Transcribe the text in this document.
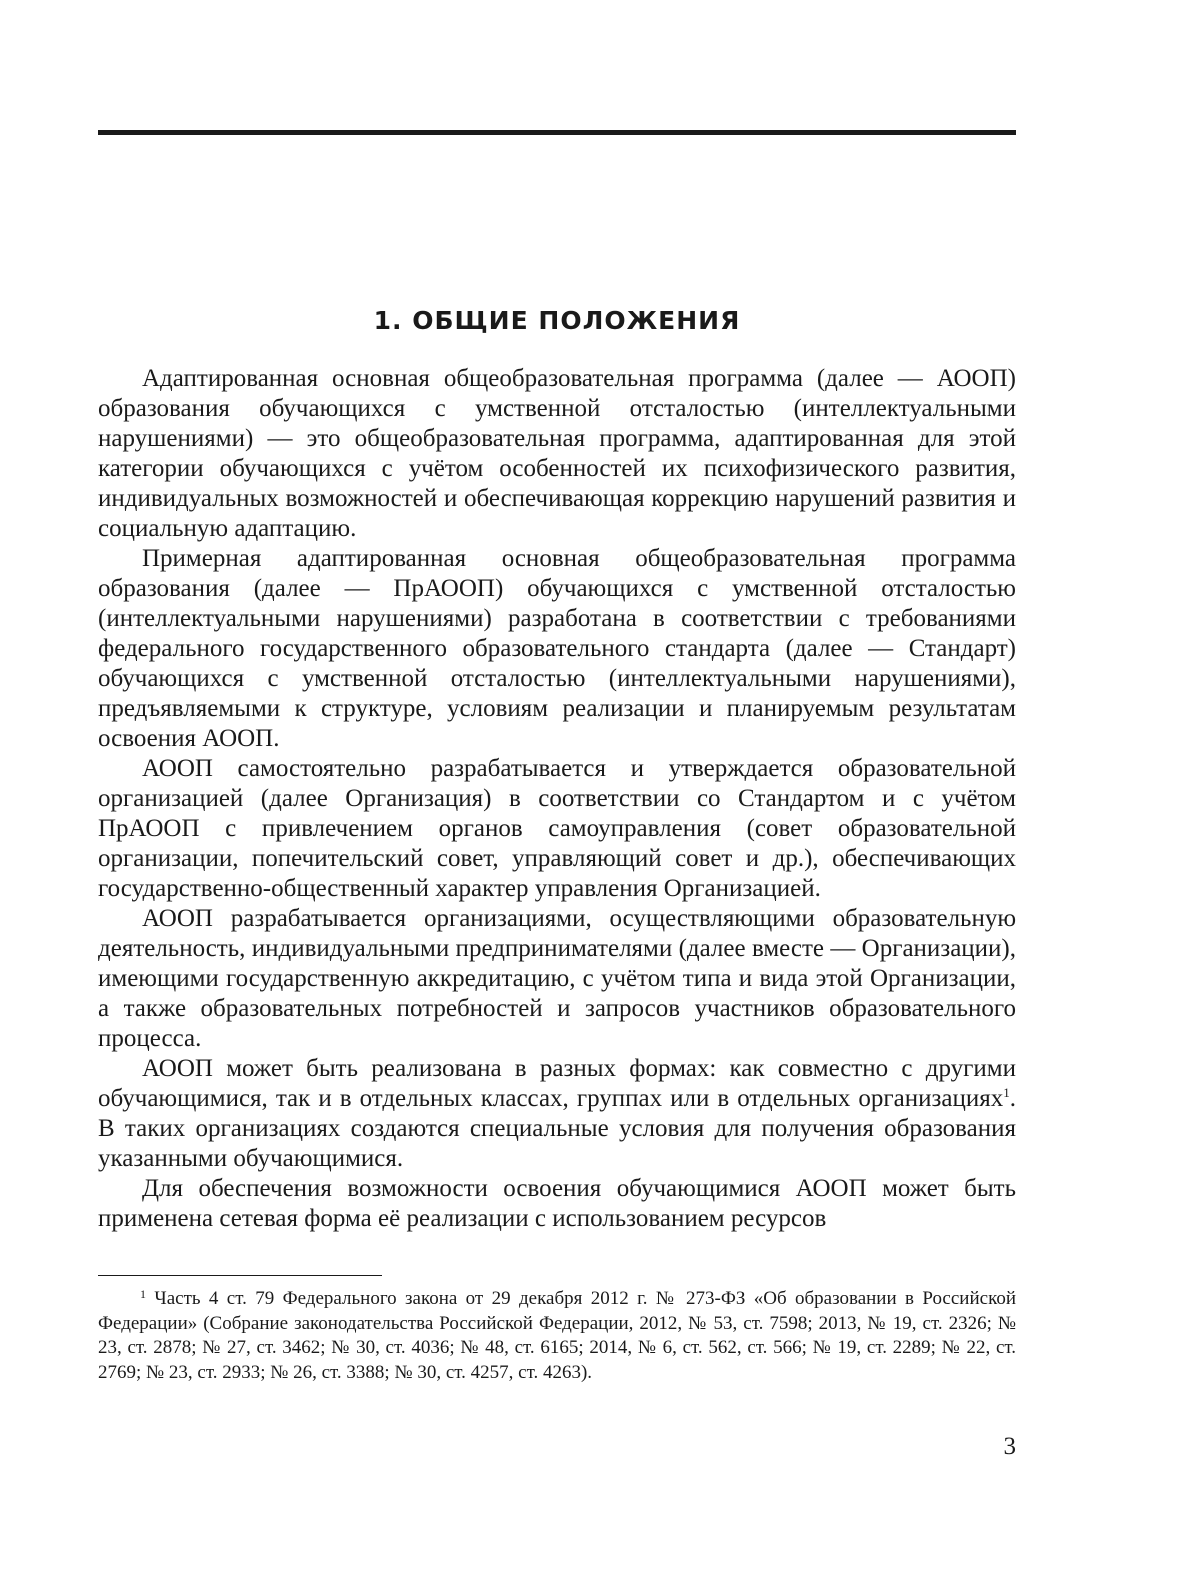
1. ОБЩИЕ ПОЛОЖЕНИЯ

Адаптированная основная общеобразовательная программа (далее — АООП) образования обучающихся с умственной отсталостью (интеллектуальными нарушениями) — это общеобразовательная программа, адаптированная для этой категории обучающихся с учётом особенностей их психофизического развития, индивидуальных возможностей и обеспечивающая коррекцию нарушений развития и социальную адаптацию.

Примерная адаптированная основная общеобразовательная программа образования (далее — ПрАООП) обучающихся с умственной отсталостью (интеллектуальными нарушениями) разработана в соответствии с требованиями федерального государственного образовательного стандарта (далее — Стандарт) обучающихся с умственной отсталостью (интеллектуальными нарушениями), предъявляемыми к структуре, условиям реализации и планируемым результатам освоения АООП.

АООП самостоятельно разрабатывается и утверждается образовательной организацией (далее Организация) в соответствии со Стандартом и с учётом ПрАООП с привлечением органов самоуправления (совет образовательной организации, попечительский совет, управляющий совет и др.), обеспечивающих государственно-общественный характер управления Организацией.

АООП разрабатывается организациями, осуществляющими образовательную деятельность, индивидуальными предпринимателями (далее вместе — Организации), имеющими государственную аккредитацию, с учётом типа и вида этой Организации, а также образовательных потребностей и запросов участников образовательного процесса.

АООП может быть реализована в разных формах: как совместно с другими обучающимися, так и в отдельных классах, группах или в отдельных организациях$^1$. В таких организациях создаются специальные условия для получения образования указанными обучающимися.

Для обеспечения возможности освоения обучающимися АООП может быть применена сетевая форма её реализации с использованием ресурсов

$^1$ Часть 4 ст. 79 Федерального закона от 29 декабря 2012 г. № 273-ФЗ «Об образовании в Российской Федерации» (Собрание законодательства Российской Федерации, 2012, № 53, ст. 7598; 2013, № 19, ст. 2326; № 23, ст. 2878; № 27, ст. 3462; № 30, ст. 4036; № 48, ст. 6165; 2014, № 6, ст. 562, ст. 566; № 19, ст. 2289; № 22, ст. 2769; № 23, ст. 2933; № 26, ст. 3388; № 30, ст. 4257, ст. 4263).

3
